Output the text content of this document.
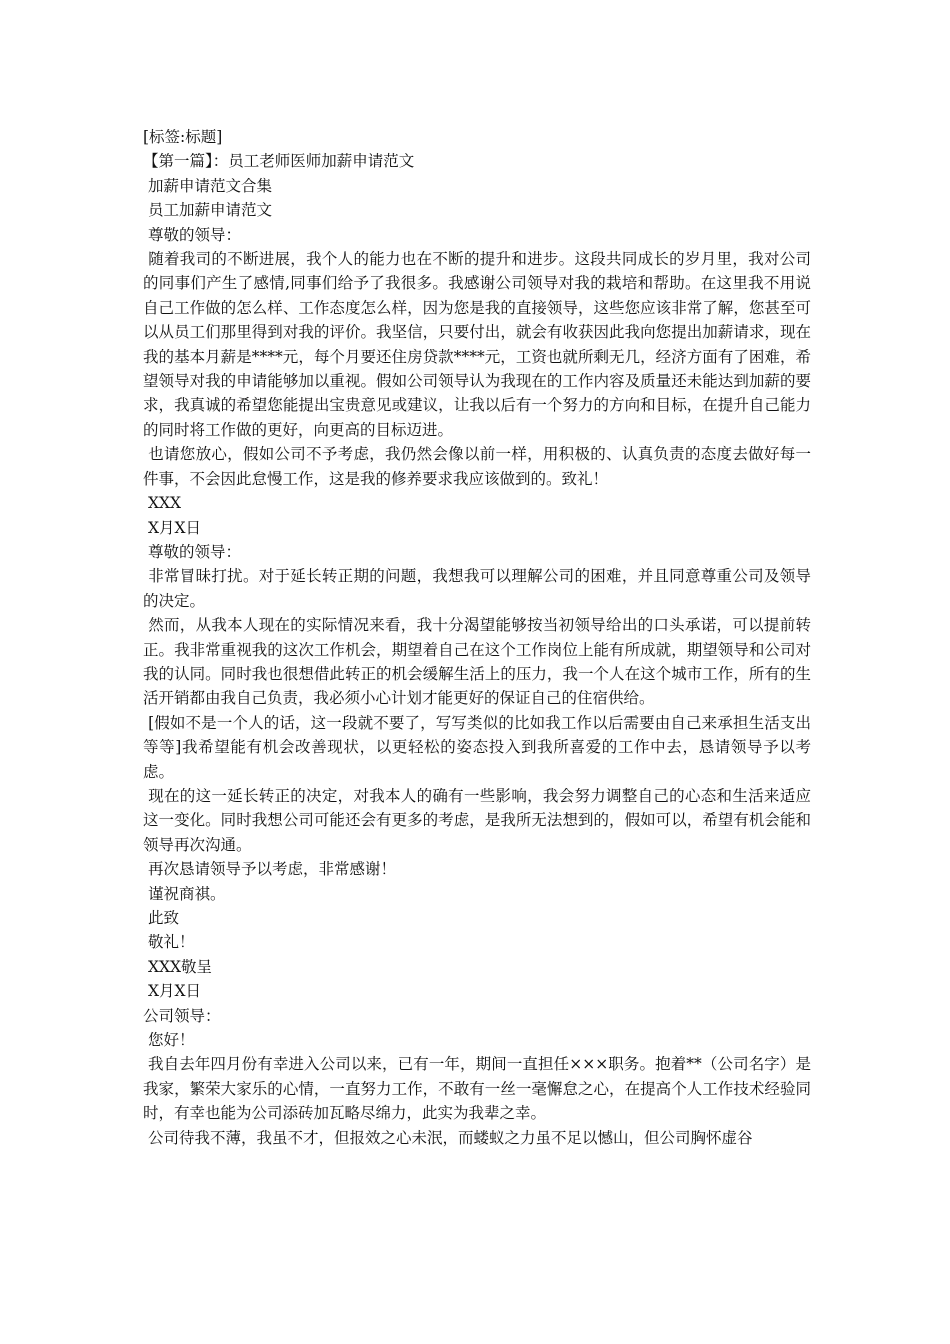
[标签:标题]

【第一篇】：员工老师医师加薪申请范文

加薪申请范文合集

员工加薪申请范文

尊敬的领导：

随着我司的不断进展，我个人的能力也在不断的提升和进步。这段共同成长的岁月里，我对公司的同事们产生了感情,同事们给予了我很多。我感谢公司领导对我的栽培和帮助。在这里我不用说自己工作做的怎么样、工作态度怎么样，因为您是我的直接领导，这些您应该非常了解，您甚至可以从员工们那里得到对我的评价。我坚信，只要付出，就会有收获因此我向您提出加薪请求，现在我的基本月薪是****元，每个月要还住房贷款****元，工资也就所剩无几，经济方面有了困难，希望领导对我的申请能够加以重视。假如公司领导认为我现在的工作内容及质量还未能达到加薪的要求，我真诚的希望您能提出宝贵意见或建议，让我以后有一个努力的方向和目标，在提升自己能力的同时将工作做的更好，向更高的目标迈进。

也请您放心，假如公司不予考虑，我仍然会像以前一样，用积极的、认真负责的态度去做好每一件事，不会因此怠慢工作，这是我的修养要求我应该做到的。致礼！

XXX

X月X日

尊敬的领导：

非常冒昧打扰。对于延长转正期的问题，我想我可以理解公司的困难，并且同意尊重公司及领导的决定。

然而，从我本人现在的实际情况来看，我十分渴望能够按当初领导给出的口头承诺，可以提前转正。我非常重视我的这次工作机会，期望着自己在这个工作岗位上能有所成就，期望领导和公司对我的认同。同时我也很想借此转正的机会缓解生活上的压力，我一个人在这个城市工作，所有的生活开销都由我自己负责，我必须小心计划才能更好的保证自己的住宿供给。

[假如不是一个人的话，这一段就不要了，写写类似的比如我工作以后需要由自己来承担生活支出等等]我希望能有机会改善现状，以更轻松的姿态投入到我所喜爱的工作中去，恳请领导予以考虑。

现在的这一延长转正的决定，对我本人的确有一些影响，我会努力调整自己的心态和生活来适应这一变化。同时我想公司可能还会有更多的考虑，是我所无法想到的，假如可以，希望有机会能和领导再次沟通。

再次恳请领导予以考虑，非常感谢！

谨祝商祺。

此致

敬礼！

XXX敬呈

X月X日

公司领导：

您好！

我自去年四月份有幸进入公司以来，已有一年，期间一直担任×××职务。抱着**（公司名字）是我家，繁荣大家乐的心情，一直努力工作，不敢有一丝一毫懈怠之心，在提高个人工作技术经验同时，有幸也能为公司添砖加瓦略尽绵力，此实为我辈之幸。

公司待我不薄，我虽不才，但报效之心未泯，而蝼蚁之力虽不足以憾山，但公司胸怀虚谷
